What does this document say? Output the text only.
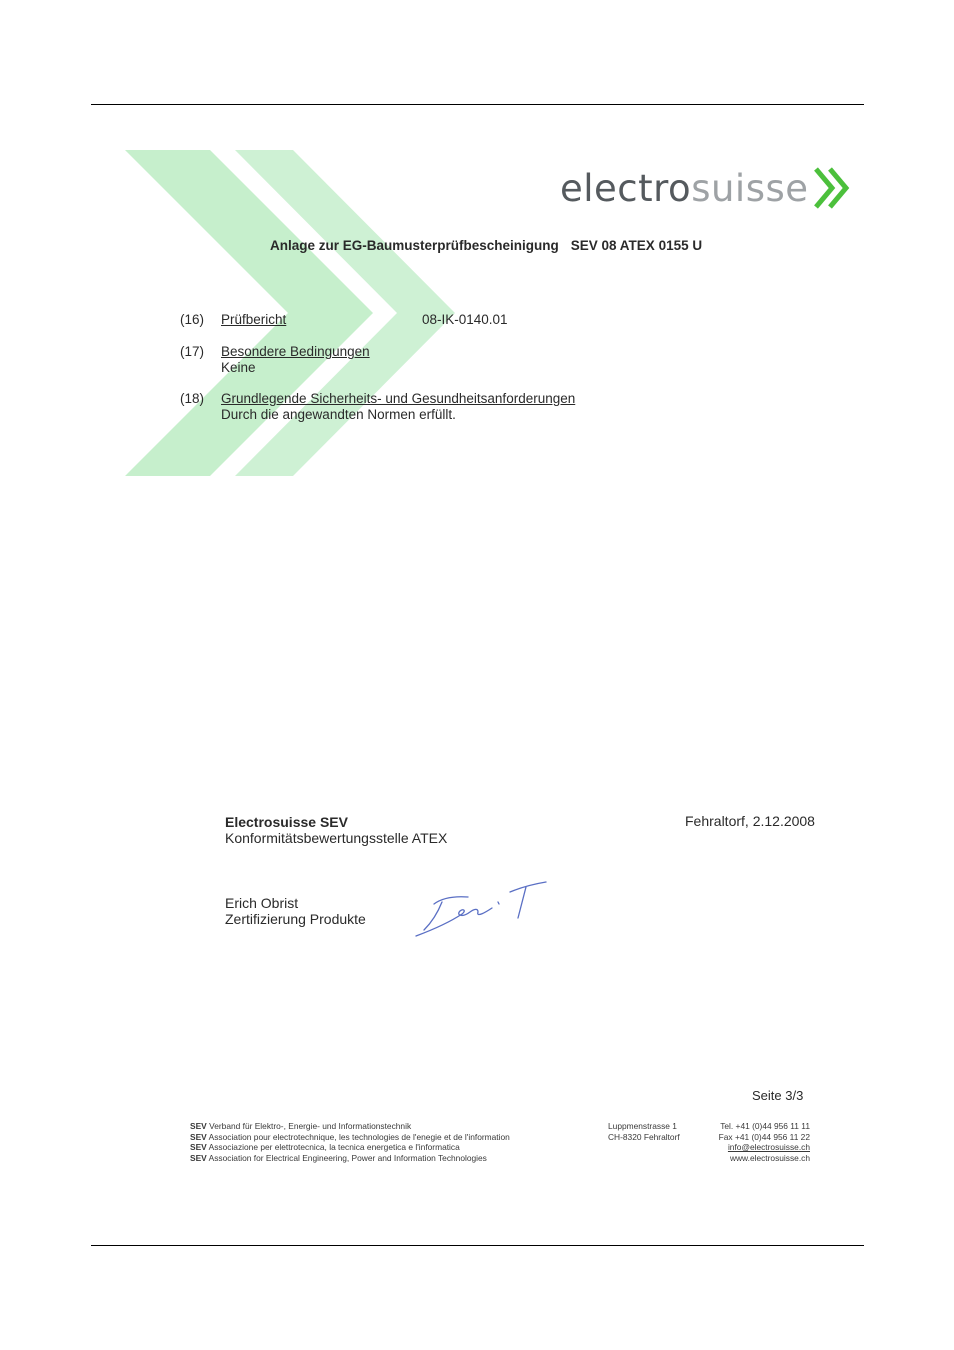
electro suisse
Anlage zur EG-Baumusterprüfbescheinigung SEV 08 ATEX 0155 U
(16) Prüfbericht	08-IK-0140.01
(17) Besondere Bedingungen
Keine
(18) Grundlegende Sicherheits- und Gesundheitsanforderungen
Durch die angewandten Normen erfüllt.
Electrosuisse SEV
Konformitätsbewertungsstelle ATEX
Fehraltorf, 2.12.2008
Erich Obrist
Zertifizierung Produkte
Seite 3/3
SEV Verband für Elektro-, Energie- und Informationstechnik
SEV Association pour electrotechnique, les technologies de l'enegie et de l'information
SEV Associazione per elettrotecnica, la tecnica energetica e l'informatica
SEV Association for Electrical Engineering, Power and Information Technologies
Luppmenstrasse 1
CH-8320 Fehraltorf
Tel. +41 (0)44 956 11 11
Fax +41 (0)44 956 11 22
info@electrosuisse.ch
www.electrosuisse.ch
